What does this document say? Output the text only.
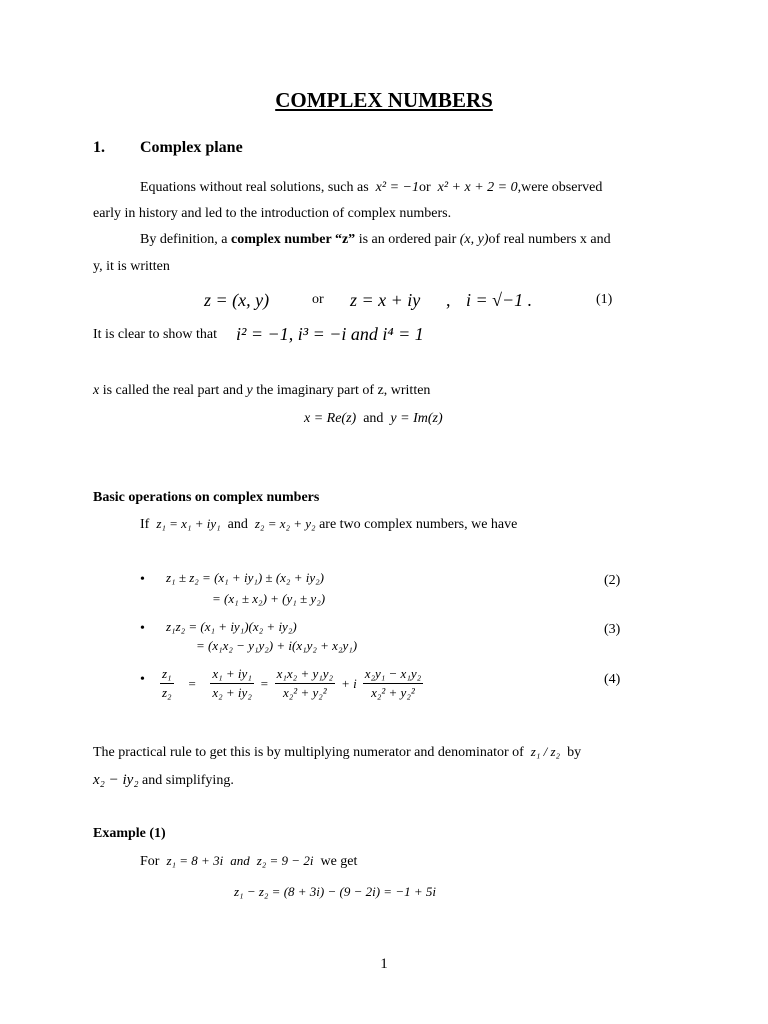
COMPLEX NUMBERS
1. Complex plane
Equations without real solutions, such as x² = −1or x² + x + 2 = 0,were observed
early in history and led to the introduction of complex numbers.
By definition, a complex number “z” is an ordered pair (x, y)of real numbers x and
y, it is written
z = (x, y)	or z = x + iy , i = √−1 .	(1)
It is clear to show that i² = −1, i³ = −i and i⁴ = 1
x is called the real part and y the imaginary part of z, written
x = Re(z) and y = Im(z)
Basic operations on complex numbers
If z₁ = x₁ + iy₁ and z₂ = x₂ + y₂ are two complex numbers, we have
• z₁ ± z₂ = (x₁ + iy₁) ± (x₂ + iy₂)
= (x₁ ± x₂) + (y₁ ± y₂)
(2)
• z₁z₂ = (x₁ + iy₁)(x₂ + iy₂)
= (x₁x₂ − y₁y₂) + i(x₁y₂ + x₂y₁)
(3)
• $\frac{\text{z₁}}{\text{z₂}}$	=	$\frac{\text{x₁ + iy₁}}{\text{x₂ + iy₂}} = \frac{\text{x₁x₂ + y₁y₂}}{\text{x₂² + y₂²}} + i \frac{\text{x₂y₁ − x₁y₂}}{\text{x₂² + y₂²}}$	(4)
The practical rule to get this is by multiplying numerator and denominator of z₁ / z₂ by
x₂ − iy₂ and simplifying.
Example (1)
For z₁ = 8 + 3i and z₂ = 9 − 2i we get
z₁ − z₂ = (8 + 3i) − (9 − 2i) = −1 + 5i
1
